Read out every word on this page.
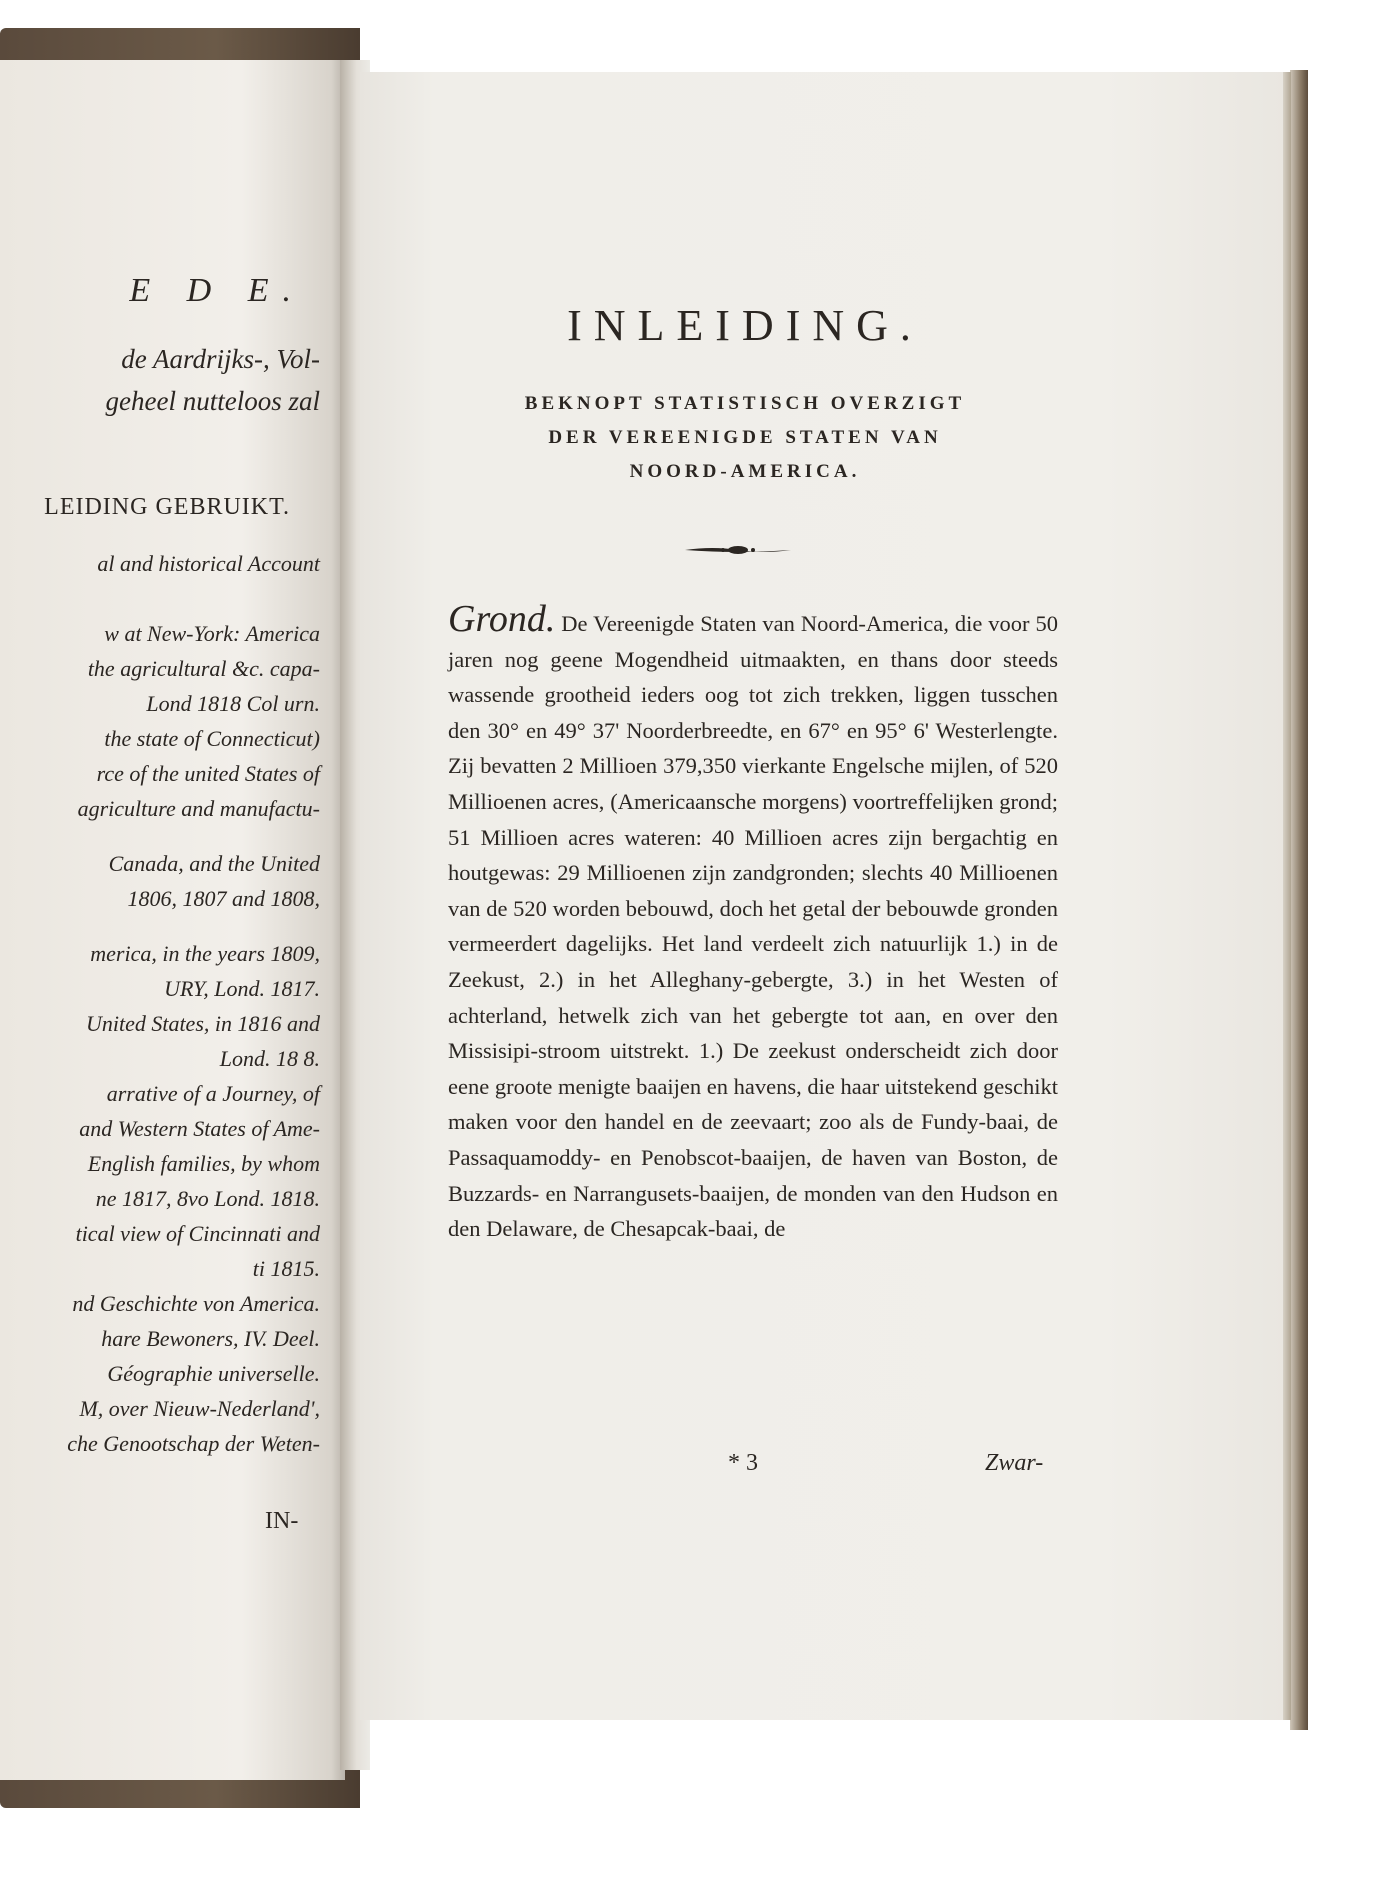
E D E.
de Aardrijks-, Vol-
geheel nutteloos zal
LEIDING GEBRUIKT.
al and historical Account
w at New-York: America
the agricultural &c. capa-
Lond 1818 Col urn.
the state of Connecticut)
rce of the united States of
agriculture and manufactu-
Canada, and the United
1806, 1807 and 1808,
merica, in the years 1809,
URY, Lond. 1817.
United States, in 1816 and
Lond. 18 8.
arrative of a Journey, of
and Western States of Ame-
English families, by whom
ne 1817, 8vo Lond. 1818.
tical view of Cincinnati and
ti 1815.
nd Geschichte von America.
hare Bewoners, IV. Deel.
Géographie universelle.
M, over Nieuw-Nederland',
che Genootschap der Weten-
IN-
INLEIDING.
BEKNOPT STATISTISCH OVERZIGT
DER VEREENIGDE STATEN VAN
NOORD-AMERICA.
Grond. De Vereenigde Staten van Noord-America, die voor 50 jaren nog geene Mogendheid uitmaakten, en thans door steeds wassende grootheid ieders oog tot zich trekken, liggen tusschen den 30° en 49° 37' Noorderbreedte, en 67° en 95° 6' Westerlengte. Zij bevatten 2 Millioen 379,350 vierkante Engelsche mijlen, of 520 Millioenen acres, (Americaansche morgens) voortreffelijken grond; 51 Millioen acres wateren: 40 Millioen acres zijn bergachtig en houtgewas: 29 Millioenen zijn zandgronden; slechts 40 Millioenen van de 520 worden bebouwd, doch het getal der bebouwde gronden vermeerdert dagelijks. Het land verdeelt zich natuurlijk 1.) in de Zeekust, 2.) in het Alleghany-gebergte, 3.) in het Westen of achterland, hetwelk zich van het gebergte tot aan, en over den Missisipi-stroom uitstrekt. 1.) De zeekust onderscheidt zich door eene groote menigte baaijen en havens, die haar uitstekend geschikt maken voor den handel en de zeevaart; zoo als de Fundy-baai, de Passaquamoddy- en Penobscot-baaijen, de haven van Boston, de Buzzards- en Narrangusets-baaijen, de monden van den Hudson en den Delaware, de Chesapcak-baai, de
* 3	Zwar-
